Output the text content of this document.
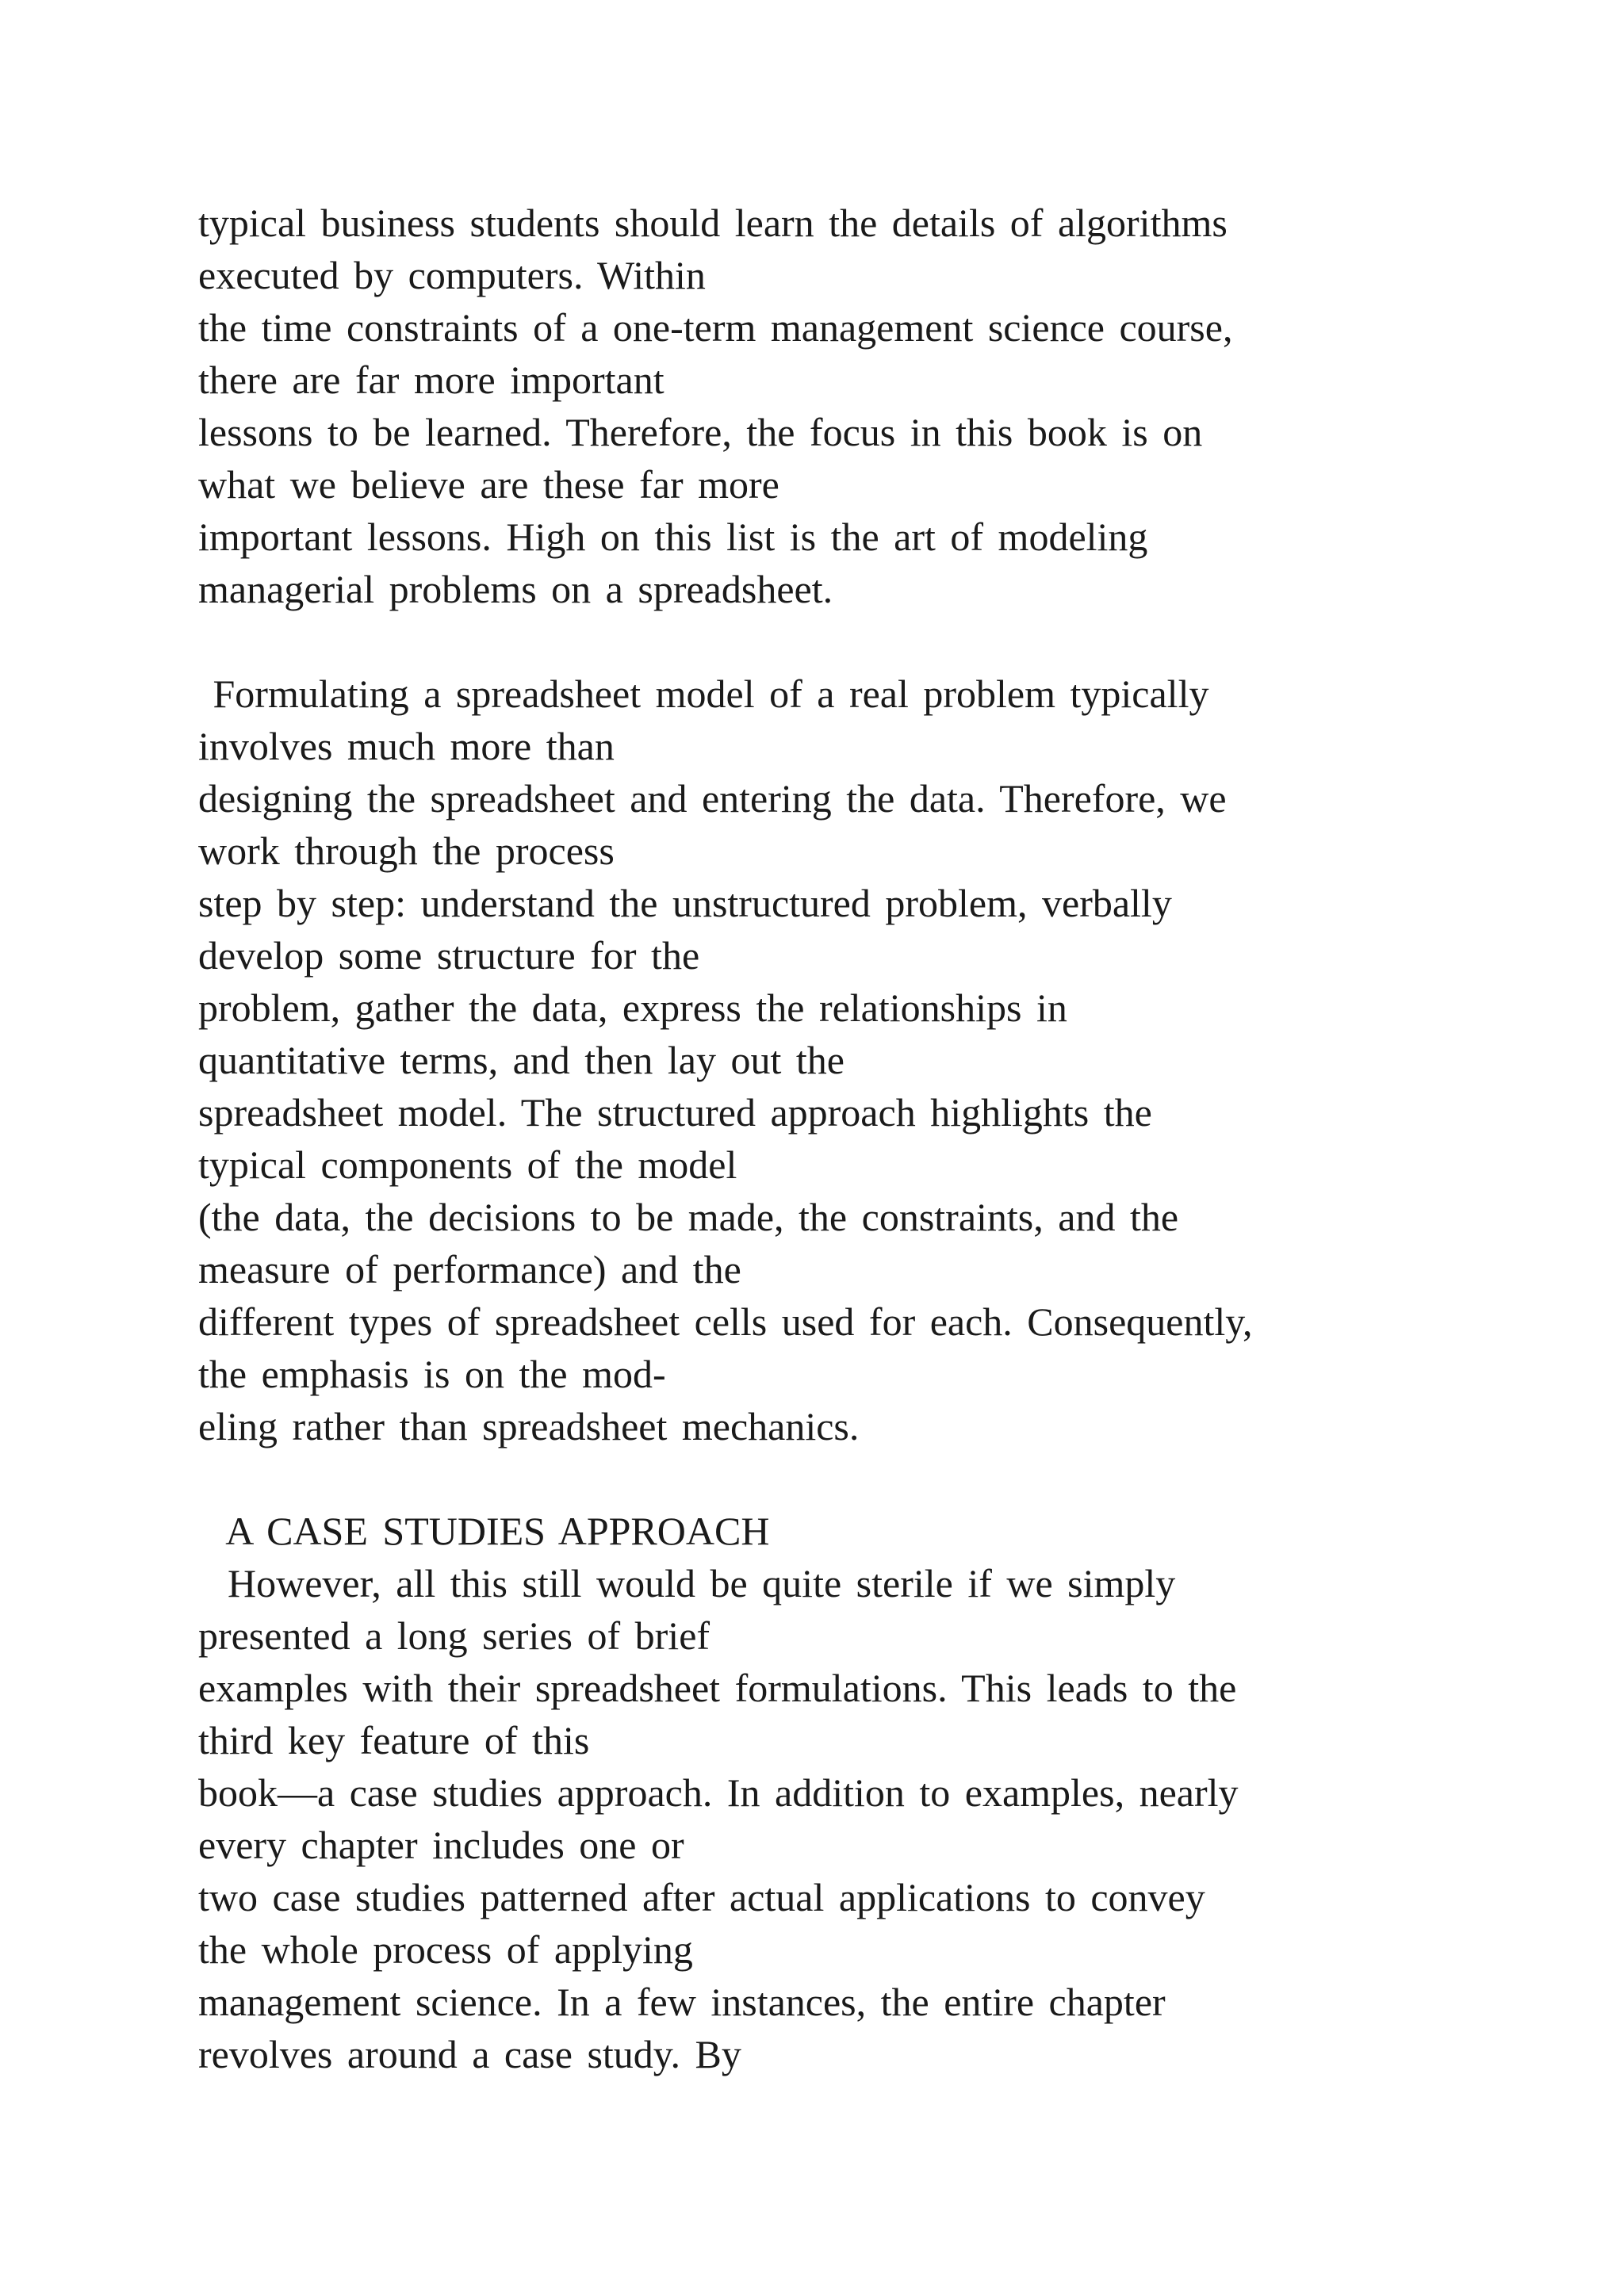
typical business students should learn the details of algorithms
executed by computers. Within
the time constraints of a one-term management science course,
there are far more important
lessons to be learned. Therefore, the focus in this book is on
what we believe are these far more
important lessons. High on this list is the art of modeling
managerial problems on a spreadsheet.
Formulating a spreadsheet model of a real problem typically
involves much more than
designing the spreadsheet and entering the data. Therefore, we
work through the process
step by step: understand the unstructured problem, verbally
develop some structure for the
problem, gather the data, express the relationships in
quantitative terms, and then lay out the
spreadsheet model. The structured approach highlights the
typical components of the model
(the data, the decisions to be made, the constraints, and the
measure of performance) and the
different types of spreadsheet cells used for each. Consequently,
the emphasis is on the mod-
eling rather than spreadsheet mechanics.
A CASE STUDIES APPROACH
However, all this still would be quite sterile if we simply
presented a long series of brief
examples with their spreadsheet formulations. This leads to the
third key feature of this
book—a case studies approach. In addition to examples, nearly
every chapter includes one or
two case studies patterned after actual applications to convey
the whole process of applying
management science. In a few instances, the entire chapter
revolves around a case study. By
